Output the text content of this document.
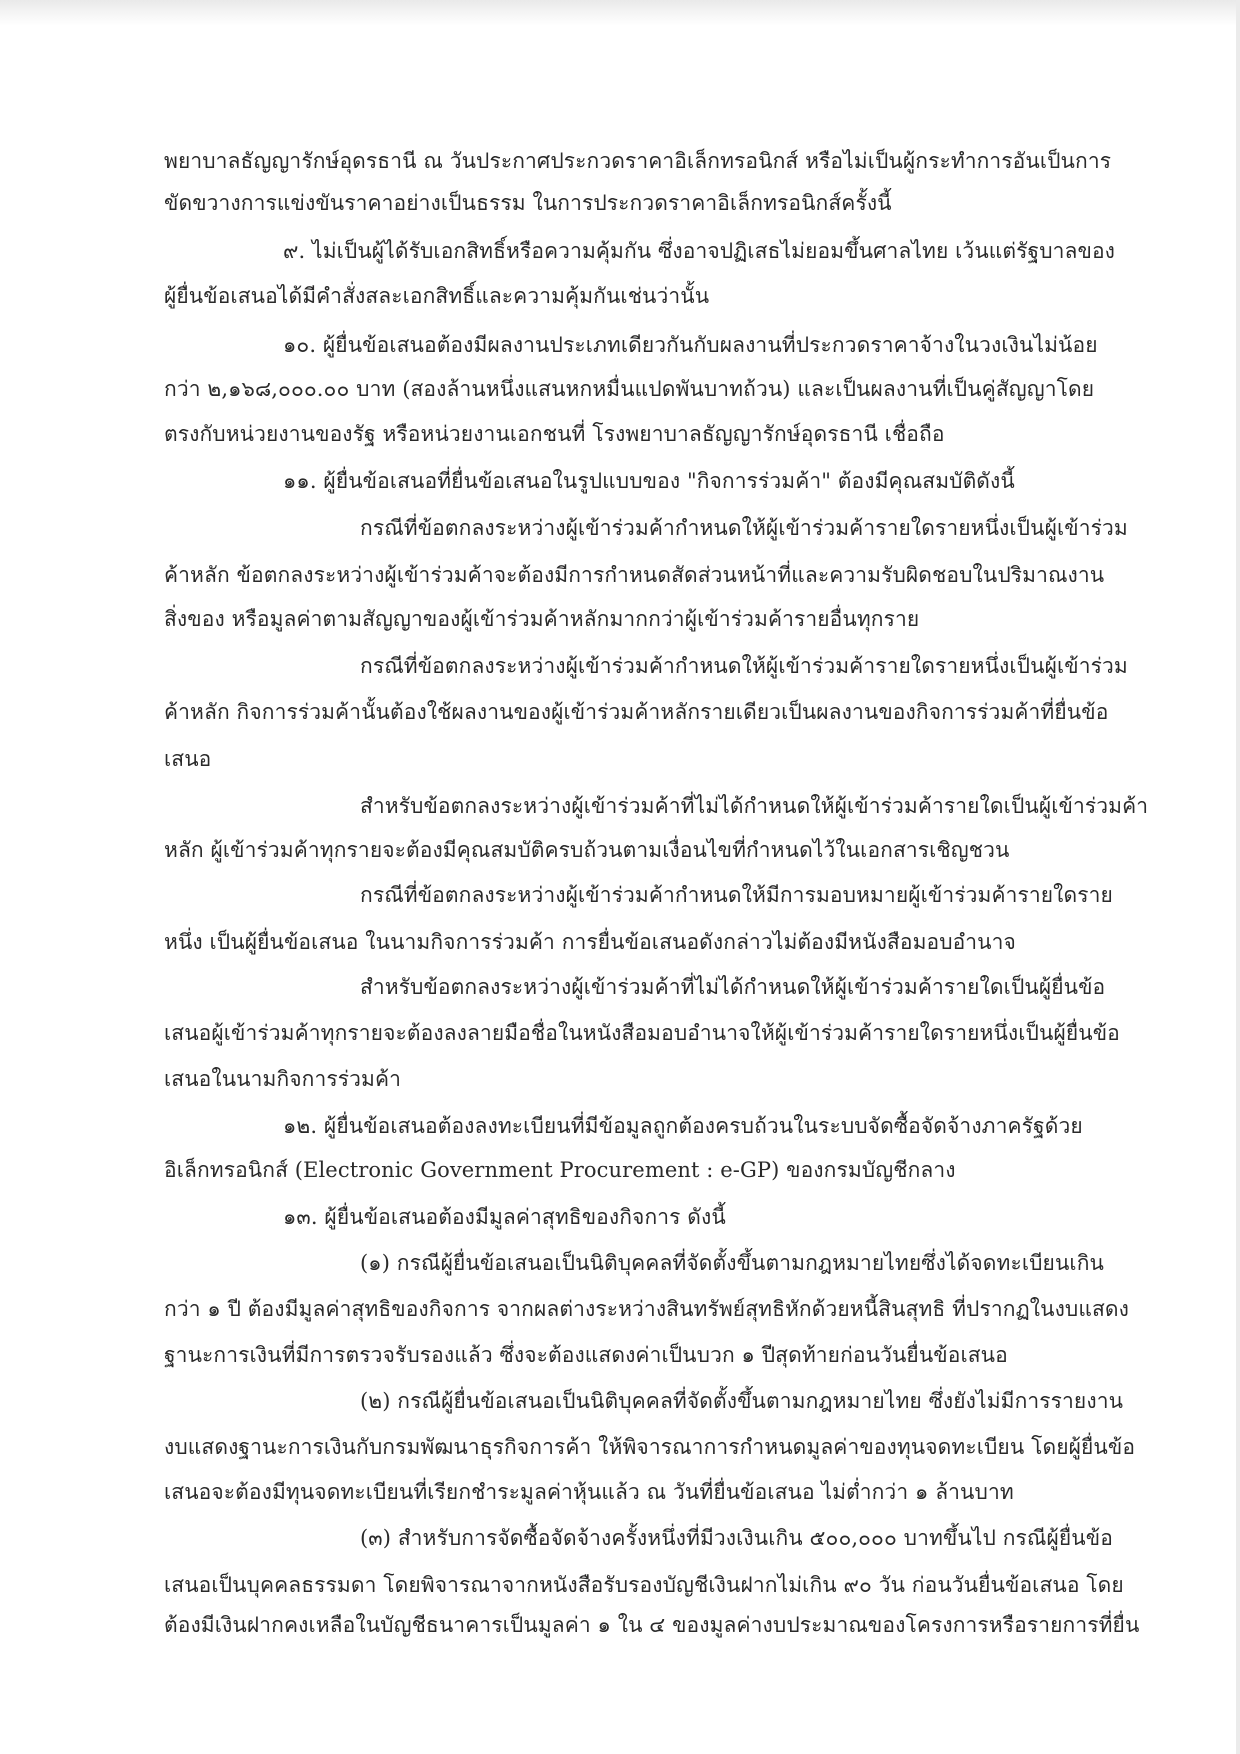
พยาบาลธัญญารักษ์อุดรธานี ณ วันประกาศประกวดราคาอิเล็กทรอนิกส์ หรือไม่เป็นผู้กระทำการอันเป็นการ
ขัดขวางการแข่งขันราคาอย่างเป็นธรรม ในการประกวดราคาอิเล็กทรอนิกส์ครั้งนี้
๙. ไม่เป็นผู้ได้รับเอกสิทธิ์หรือความคุ้มกัน ซึ่งอาจปฏิเสธไม่ยอมขึ้นศาลไทย เว้นแต่รัฐบาลของ
ผู้ยื่นข้อเสนอได้มีคำสั่งสละเอกสิทธิ์และความคุ้มกันเช่นว่านั้น
๑๐. ผู้ยื่นข้อเสนอต้องมีผลงานประเภทเดียวกันกับผลงานที่ประกวดราคาจ้างในวงเงินไม่น้อย
กว่า ๒,๑๖๘,๐๐๐.๐๐ บาท (สองล้านหนึ่งแสนหกหมื่นแปดพันบาทถ้วน) และเป็นผลงานที่เป็นคู่สัญญาโดย
ตรงกับหน่วยงานของรัฐ หรือหน่วยงานเอกชนที่ โรงพยาบาลธัญญารักษ์อุดรธานี เชื่อถือ
๑๑. ผู้ยื่นข้อเสนอที่ยื่นข้อเสนอในรูปแบบของ "กิจการร่วมค้า" ต้องมีคุณสมบัติดังนี้
กรณีที่ข้อตกลงระหว่างผู้เข้าร่วมค้ากำหนดให้ผู้เข้าร่วมค้ารายใดรายหนึ่งเป็นผู้เข้าร่วม
ค้าหลัก ข้อตกลงระหว่างผู้เข้าร่วมค้าจะต้องมีการกำหนดสัดส่วนหน้าที่และความรับผิดชอบในปริมาณงาน
สิ่งของ หรือมูลค่าตามสัญญาของผู้เข้าร่วมค้าหลักมากกว่าผู้เข้าร่วมค้ารายอื่นทุกราย
กรณีที่ข้อตกลงระหว่างผู้เข้าร่วมค้ากำหนดให้ผู้เข้าร่วมค้ารายใดรายหนึ่งเป็นผู้เข้าร่วม
ค้าหลัก กิจการร่วมค้านั้นต้องใช้ผลงานของผู้เข้าร่วมค้าหลักรายเดียวเป็นผลงานของกิจการร่วมค้าที่ยื่นข้อ
เสนอ
สำหรับข้อตกลงระหว่างผู้เข้าร่วมค้าที่ไม่ได้กำหนดให้ผู้เข้าร่วมค้ารายใดเป็นผู้เข้าร่วมค้า
หลัก ผู้เข้าร่วมค้าทุกรายจะต้องมีคุณสมบัติครบถ้วนตามเงื่อนไขที่กำหนดไว้ในเอกสารเชิญชวน
กรณีที่ข้อตกลงระหว่างผู้เข้าร่วมค้ากำหนดให้มีการมอบหมายผู้เข้าร่วมค้ารายใดราย
หนึ่ง เป็นผู้ยื่นข้อเสนอ ในนามกิจการร่วมค้า การยื่นข้อเสนอดังกล่าวไม่ต้องมีหนังสือมอบอำนาจ
สำหรับข้อตกลงระหว่างผู้เข้าร่วมค้าที่ไม่ได้กำหนดให้ผู้เข้าร่วมค้ารายใดเป็นผู้ยื่นข้อ
เสนอผู้เข้าร่วมค้าทุกรายจะต้องลงลายมือชื่อในหนังสือมอบอำนาจให้ผู้เข้าร่วมค้ารายใดรายหนึ่งเป็นผู้ยื่นข้อ
เสนอในนามกิจการร่วมค้า
๑๒. ผู้ยื่นข้อเสนอต้องลงทะเบียนที่มีข้อมูลถูกต้องครบถ้วนในระบบจัดซื้อจัดจ้างภาครัฐด้วย
อิเล็กทรอนิกส์ (Electronic Government Procurement : e-GP) ของกรมบัญชีกลาง
๑๓. ผู้ยื่นข้อเสนอต้องมีมูลค่าสุทธิของกิจการ ดังนี้
(๑) กรณีผู้ยื่นข้อเสนอเป็นนิติบุคคลที่จัดตั้งขึ้นตามกฎหมายไทยซึ่งได้จดทะเบียนเกิน
กว่า ๑ ปี ต้องมีมูลค่าสุทธิของกิจการ จากผลต่างระหว่างสินทรัพย์สุทธิหักด้วยหนี้สินสุทธิ ที่ปรากฏในงบแสดง
ฐานะการเงินที่มีการตรวจรับรองแล้ว ซึ่งจะต้องแสดงค่าเป็นบวก ๑ ปีสุดท้ายก่อนวันยื่นข้อเสนอ
(๒) กรณีผู้ยื่นข้อเสนอเป็นนิติบุคคลที่จัดตั้งขึ้นตามกฎหมายไทย ซึ่งยังไม่มีการรายงาน
งบแสดงฐานะการเงินกับกรมพัฒนาธุรกิจการค้า ให้พิจารณาการกำหนดมูลค่าของทุนจดทะเบียน โดยผู้ยื่นข้อ
เสนอจะต้องมีทุนจดทะเบียนที่เรียกชำระมูลค่าหุ้นแล้ว ณ วันที่ยื่นข้อเสนอ ไม่ต่ำกว่า ๑ ล้านบาท
(๓) สำหรับการจัดซื้อจัดจ้างครั้งหนึ่งที่มีวงเงินเกิน ๕๐๐,๐๐๐ บาทขึ้นไป กรณีผู้ยื่นข้อ
เสนอเป็นบุคคลธรรมดา โดยพิจารณาจากหนังสือรับรองบัญชีเงินฝากไม่เกิน ๙๐ วัน ก่อนวันยื่นข้อเสนอ โดย
ต้องมีเงินฝากคงเหลือในบัญชีธนาคารเป็นมูลค่า ๑ ใน ๔ ของมูลค่างบประมาณของโครงการหรือรายการที่ยื่น
